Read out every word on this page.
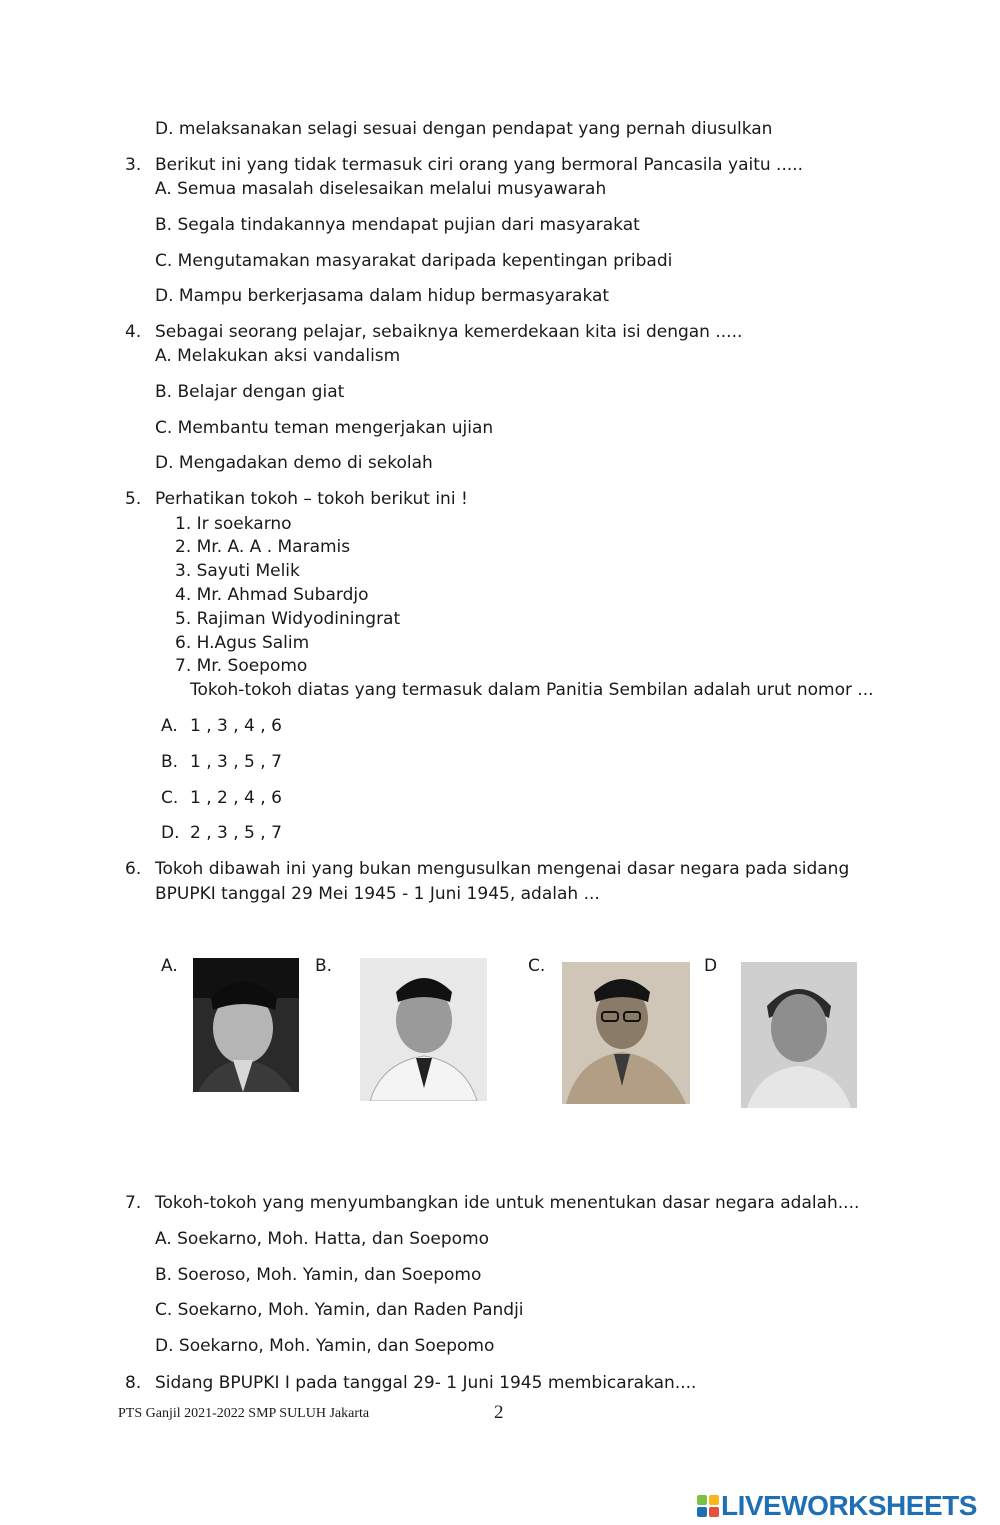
D. melaksanakan selagi sesuai dengan pendapat yang pernah diusulkan
3. Berikut ini yang tidak termasuk ciri orang yang bermoral Pancasila yaitu .....
A. Semua masalah diselesaikan melalui musyawarah
B. Segala tindakannya mendapat pujian dari masyarakat
C. Mengutamakan masyarakat daripada kepentingan pribadi
D. Mampu berkerjasama dalam hidup bermasyarakat
4. Sebagai seorang pelajar, sebaiknya kemerdekaan kita isi dengan .....
A. Melakukan aksi vandalism
B. Belajar dengan giat
C. Membantu teman mengerjakan ujian
D. Mengadakan demo di sekolah
5. Perhatikan tokoh – tokoh berikut ini !
1. Ir soekarno
2. Mr. A. A . Maramis
3. Sayuti Melik
4. Mr. Ahmad Subardjo
5. Rajiman Widyodiningrat
6. H.Agus Salim
7. Mr. Soepomo
Tokoh-tokoh diatas yang termasuk dalam Panitia Sembilan adalah urut nomor ...
A. 1 , 3 , 4 , 6
B. 1 , 3 , 5 , 7
C. 1 , 2 , 4 , 6
D. 2 , 3 , 5 , 7
6. Tokoh dibawah ini yang bukan mengusulkan mengenai dasar negara pada sidang
BPUPKI tanggal 29 Mei 1945 - 1 Juni 1945, adalah ...
A.	B.	C.	D
7. Tokoh-tokoh yang menyumbangkan ide untuk menentukan dasar negara adalah....
A. Soekarno, Moh. Hatta, dan Soepomo
B. Soeroso, Moh. Yamin, dan Soepomo
C. Soekarno, Moh. Yamin, dan Raden Pandji
D. Soekarno, Moh. Yamin, dan Soepomo
8. Sidang BPUPKI I pada tanggal 29- 1 Juni 1945 membicarakan....
PTS Ganjil 2021-2022 SMP SULUH Jakarta	2
LIVEWORKSHEETS
